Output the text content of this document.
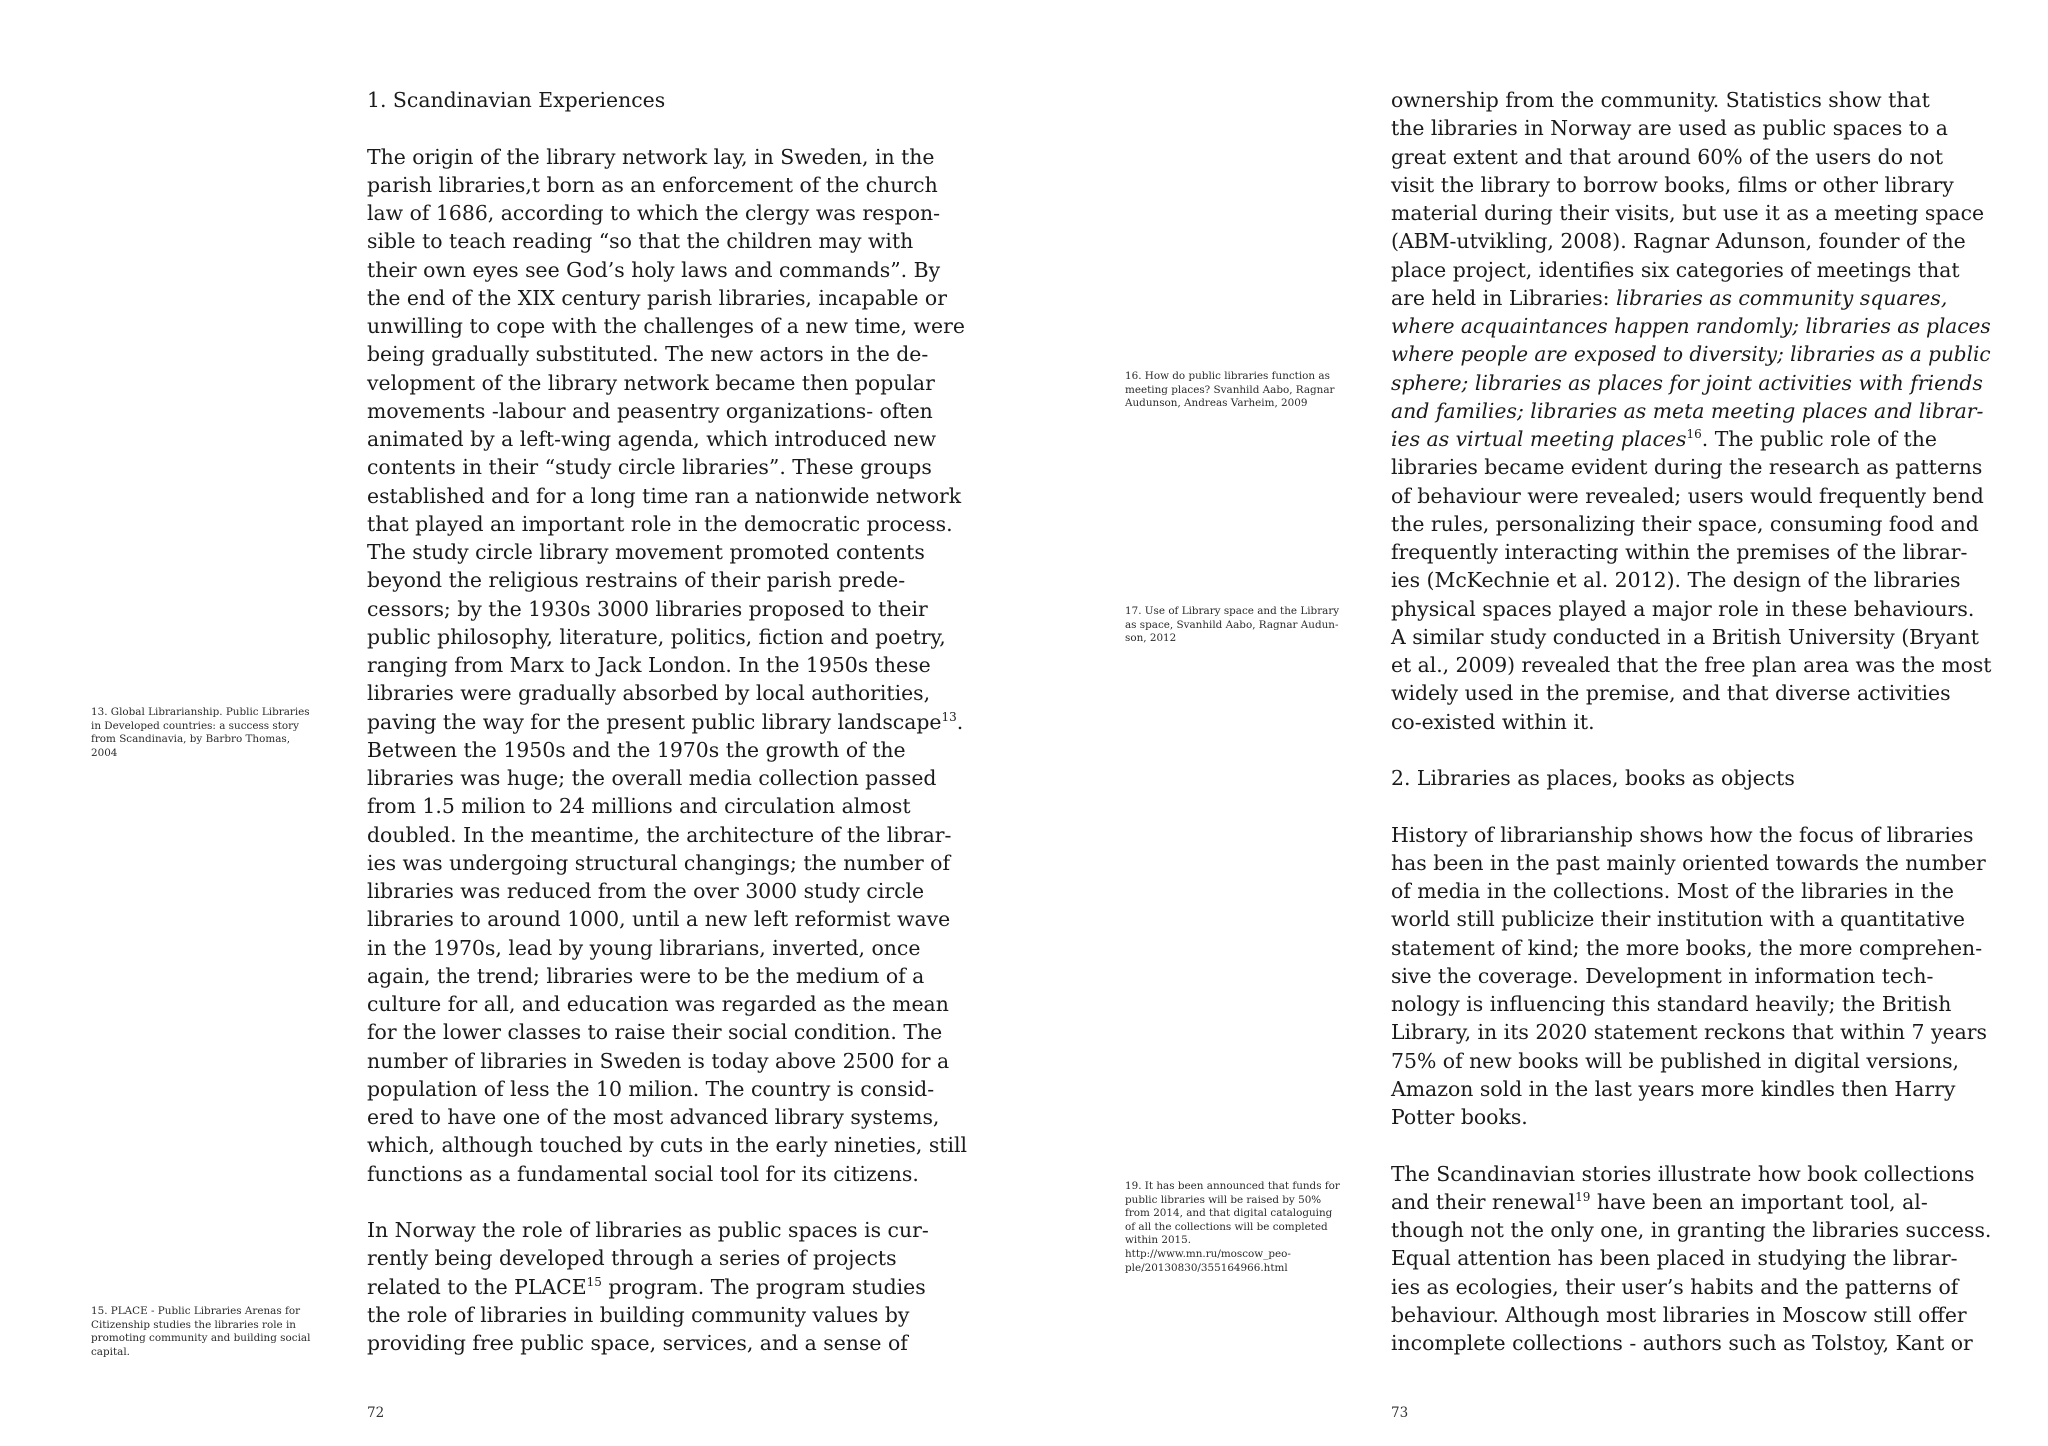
13. Global Librarianship. Public Libraries
in Developed countries: a success story
from Scandinavia, by Barbro Thomas,
2004
15. PLACE - Public Libraries Arenas for
Citizenship studies the libraries role in
promoting community and building social
capital.
1. Scandinavian Experiences
The origin of the library network lay, in Sweden, in the
parish libraries,t born as an enforcement of the church
law of 1686, according to which the clergy was respon-
sible to teach reading “so that the children may with
their own eyes see God’s holy laws and commands”. By
the end of the XIX century parish libraries, incapable or
unwilling to cope with the challenges of a new time, were
being gradually substituted. The new actors in the de-
velopment of the library network became then popular
movements -labour and peasentry organizations- often
animated by a left-wing agenda, which introduced new
contents in their “study circle libraries”. These groups
established and for a long time ran a nationwide network
that played an important role in the democratic process.
The study circle library movement promoted contents
beyond the religious restrains of their parish prede-
cessors; by the 1930s 3000 libraries proposed to their
public philosophy, literature, politics, fiction and poetry,
ranging from Marx to Jack London. In the 1950s these
libraries were gradually absorbed by local authorities,
paving the way for the present public library landscape$^{13}$.
Between the 1950s and the 1970s the growth of the
libraries was huge; the overall media collection passed
from 1.5 milion to 24 millions and circulation almost
doubled. In the meantime, the architecture of the librar-
ies was undergoing structural changings; the number of
libraries was reduced from the over 3000 study circle
libraries to around 1000, until a new left reformist wave
in the 1970s, lead by young librarians, inverted, once
again, the trend; libraries were to be the medium of a
culture for all, and education was regarded as the mean
for the lower classes to raise their social condition. The
number of libraries in Sweden is today above 2500 for a
population of less the 10 milion. The country is consid-
ered to have one of the most advanced library systems,
which, although touched by cuts in the early nineties, still
functions as a fundamental social tool for its citizens.
In Norway the role of libraries as public spaces is cur-
rently being developed through a series of projects
related to the PLACE$^{15}$ program. The program studies
the role of libraries in building community values by
providing free public space, services, and a sense of
72
16. How do public libraries function as
meeting places? Svanhild Aabo, Ragnar
Audunson, Andreas Varheim, 2009
17. Use of Library space and the Library
as space, Svanhild Aabo, Ragnar Audun-
son, 2012
19. It has been announced that funds for
public libraries will be raised by 50%
from 2014, and that digital cataloguing
of all the collections will be completed
within 2015.
http://www.mn.ru/moscow_peo-
ple/20130830/355164966.html
ownership from the community. Statistics show that
the libraries in Norway are used as public spaces to a
great extent and that around 60% of the users do not
visit the library to borrow books, films or other library
material during their visits, but use it as a meeting space
(ABM-utvikling, 2008). Ragnar Adunson, founder of the
place project, identifies six categories of meetings that
are held in Libraries: libraries as community squares,
where acquaintances happen randomly; libraries as places
where people are exposed to diversity; libraries as a public
sphere; libraries as places for joint activities with friends
and families; libraries as meta meeting places and librar-
ies as virtual meeting places$^{16}$. The public role of the
libraries became evident during the research as patterns
of behaviour were revealed; users would frequently bend
the rules, personalizing their space, consuming food and
frequently interacting within the premises of the librar-
ies (McKechnie et al. 2012). The design of the libraries
physical spaces played a major role in these behaviours.
A similar study conducted in a British University (Bryant
et al., 2009) revealed that the free plan area was the most
widely used in the premise, and that diverse activities
co-existed within it.
2. Libraries as places, books as objects
History of librarianship shows how the focus of libraries
has been in the past mainly oriented towards the number
of media in the collections. Most of the libraries in the
world still publicize their institution with a quantitative
statement of kind; the more books, the more comprehen-
sive the coverage. Development in information tech-
nology is influencing this standard heavily; the British
Library, in its 2020 statement reckons that within 7 years
75% of new books will be published in digital versions,
Amazon sold in the last years more kindles then Harry
Potter books.
The Scandinavian stories illustrate how book collections
and their renewal$^{19}$ have been an important tool, al-
though not the only one, in granting the libraries success.
Equal attention has been placed in studying the librar-
ies as ecologies, their user’s habits and the patterns of
behaviour. Although most libraries in Moscow still offer
incomplete collections - authors such as Tolstoy, Kant or
73
